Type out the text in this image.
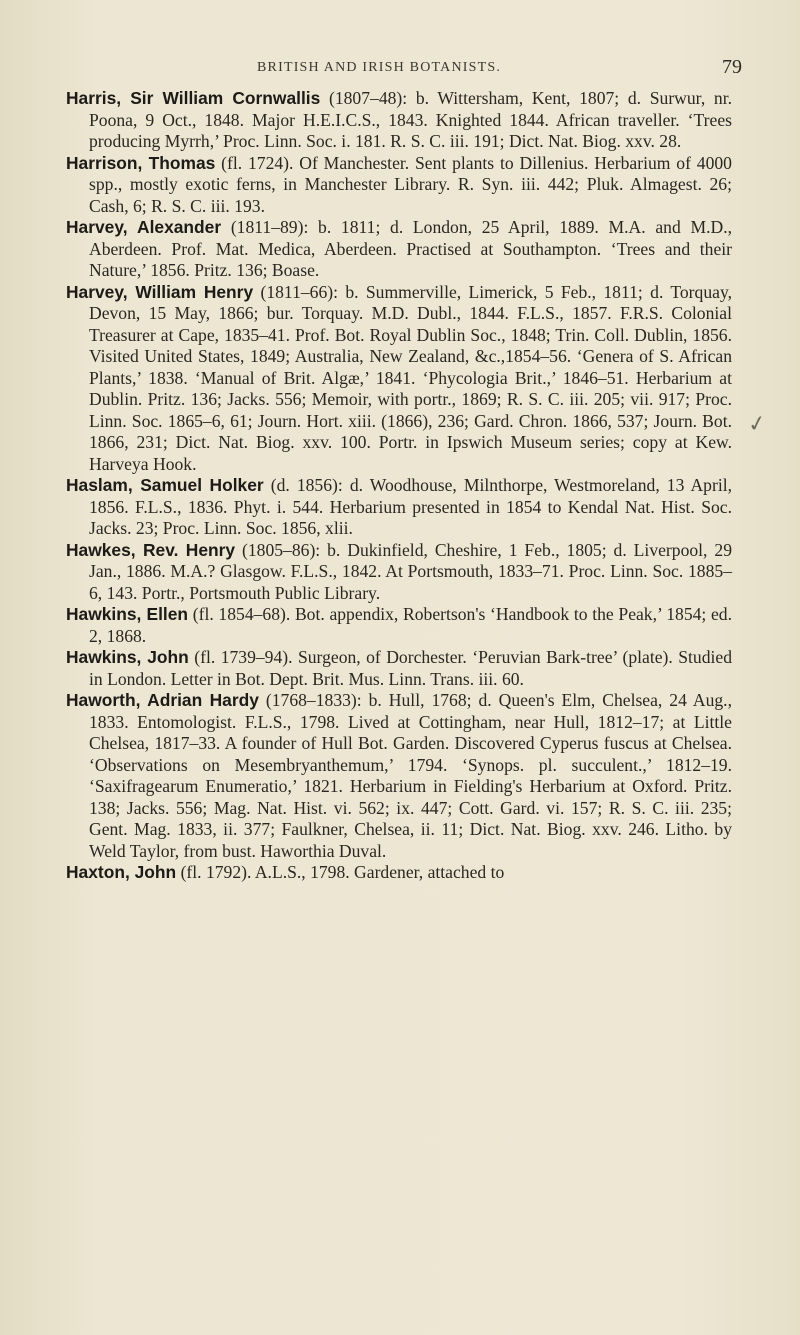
BRITISH AND IRISH BOTANISTS.	79
✓

Harris, Sir William Cornwallis (1807–48): b. Wittersham, Kent, 1807; d. Surwur, nr. Poona, 9 Oct., 1848. Major H.E.I.C.S., 1843. Knighted 1844. African traveller. ‘Trees producing Myrrh,’ Proc. Linn. Soc. i. 181. R. S. C. iii. 191; Dict. Nat. Biog. xxv. 28.

Harrison, Thomas (fl. 1724). Of Manchester. Sent plants to Dillenius. Herbarium of 4000 spp., mostly exotic ferns, in Manchester Library. R. Syn. iii. 442; Pluk. Almagest. 26; Cash, 6; R. S. C. iii. 193.

Harvey, Alexander (1811–89): b. 1811; d. London, 25 April, 1889. M.A. and M.D., Aberdeen. Prof. Mat. Medica, Aberdeen. Practised at Southampton. ‘Trees and their Nature,’ 1856. Pritz. 136; Boase.

Harvey, William Henry (1811–66): b. Summerville, Limerick, 5 Feb., 1811; d. Torquay, Devon, 15 May, 1866; bur. Torquay. M.D. Dubl., 1844. F.L.S., 1857. F.R.S. Colonial Treasurer at Cape, 1835–41. Prof. Bot. Royal Dublin Soc., 1848; Trin. Coll. Dublin, 1856. Visited United States, 1849; Australia, New Zealand, &c.,1854–56. ‘Genera of S. African Plants,’ 1838. ‘Manual of Brit. Algæ,’ 1841. ‘Phycologia Brit.,’ 1846–51. Herbarium at Dublin. Pritz. 136; Jacks. 556; Memoir, with portr., 1869; R. S. C. iii. 205; vii. 917; Proc. Linn. Soc. 1865–6, 61; Journ. Hort. xiii. (1866), 236; Gard. Chron. 1866, 537; Journ. Bot. 1866, 231; Dict. Nat. Biog. xxv. 100. Portr. in Ipswich Museum series; copy at Kew. Harveya Hook.

Haslam, Samuel Holker (d. 1856): d. Woodhouse, Milnthorpe, Westmoreland, 13 April, 1856. F.L.S., 1836. Phyt. i. 544. Herbarium presented in 1854 to Kendal Nat. Hist. Soc. Jacks. 23; Proc. Linn. Soc. 1856, xlii.

Hawkes, Rev. Henry (1805–86): b. Dukinfield, Cheshire, 1 Feb., 1805; d. Liverpool, 29 Jan., 1886. M.A.? Glasgow. F.L.S., 1842. At Portsmouth, 1833–71. Proc. Linn. Soc. 1885–6, 143. Portr., Portsmouth Public Library.

Hawkins, Ellen (fl. 1854–68). Bot. appendix, Robertson's ‘Handbook to the Peak,’ 1854; ed. 2, 1868.

Hawkins, John (fl. 1739–94). Surgeon, of Dorchester. ‘Peruvian Bark-tree’ (plate). Studied in London. Letter in Bot. Dept. Brit. Mus. Linn. Trans. iii. 60.

Haworth, Adrian Hardy (1768–1833): b. Hull, 1768; d. Queen's Elm, Chelsea, 24 Aug., 1833. Entomologist. F.L.S., 1798. Lived at Cottingham, near Hull, 1812–17; at Little Chelsea, 1817–33. A founder of Hull Bot. Garden. Discovered Cyperus fuscus at Chelsea. ‘Observations on Mesembryanthemum,’ 1794. ‘Synops. pl. succulent.,’ 1812–19. ‘Saxifragearum Enumeratio,’ 1821. Herbarium in Fielding's Herbarium at Oxford. Pritz. 138; Jacks. 556; Mag. Nat. Hist. vi. 562; ix. 447; Cott. Gard. vi. 157; R. S. C. iii. 235; Gent. Mag. 1833, ii. 377; Faulkner, Chelsea, ii. 11; Dict. Nat. Biog. xxv. 246. Litho. by Weld Taylor, from bust. Haworthia Duval.

Haxton, John (fl. 1792). A.L.S., 1798. Gardener, attached to
